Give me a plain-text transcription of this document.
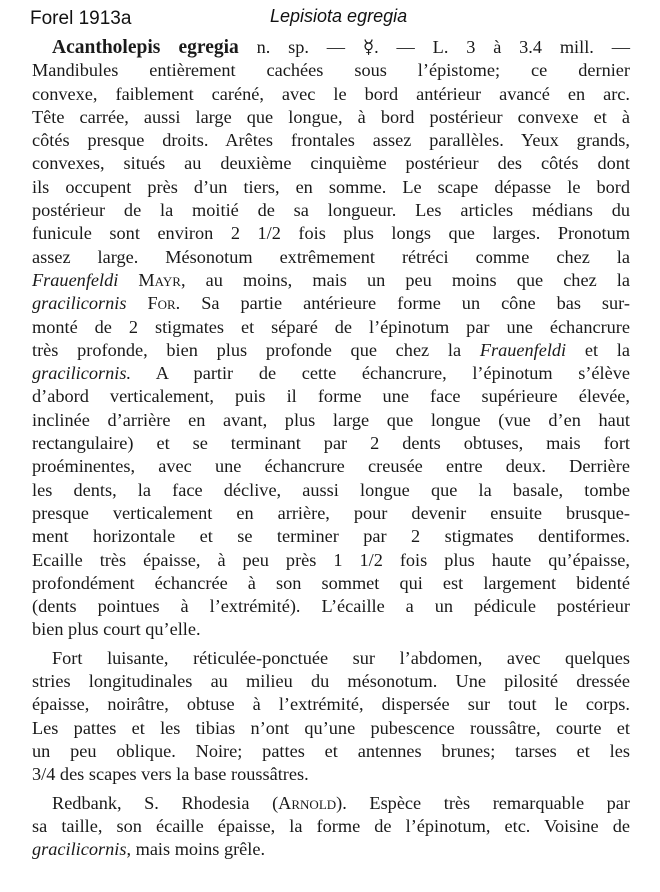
Forel 1913a	Lepisiota egregia
Acantholepis egregia n. sp. — ☿. — L. 3 à 3.4 mill. —
Mandibules entièrement cachées sous l’épistome; ce dernier
convexe, faiblement caréné, avec le bord antérieur avancé en arc.
Tête carrée, aussi large que longue, à bord postérieur convexe et à
côtés presque droits. Arêtes frontales assez parallèles. Yeux grands,
convexes, situés au deuxième cinquième postérieur des côtés dont
ils occupent près d’un tiers, en somme. Le scape dépasse le bord
postérieur de la moitié de sa longueur. Les articles médians du
funicule sont environ 2 1/2 fois plus longs que larges. Pronotum
assez large. Mésonotum extrêmement rétréci comme chez la
Frauenfeldi Mayr, au moins, mais un peu moins que chez la
gracilicornis For. Sa partie antérieure forme un cône bas sur-
monté de 2 stigmates et séparé de l’épinotum par une échancrure
très profonde, bien plus profonde que chez la Frauenfeldi et la
gracilicornis. A partir de cette échancrure, l’épinotum s’élève
d’abord verticalement, puis il forme une face supérieure élevée,
inclinée d’arrière en avant, plus large que longue (vue d’en haut
rectangulaire) et se terminant par 2 dents obtuses, mais fort
proéminentes, avec une échancrure creusée entre deux. Derrière
les dents, la face déclive, aussi longue que la basale, tombe
presque verticalement en arrière, pour devenir ensuite brusque-
ment horizontale et se terminer par 2 stigmates dentiformes.
Ecaille très épaisse, à peu près 1 1/2 fois plus haute qu’épaisse,
profondément échancrée à son sommet qui est largement bidenté
(dents pointues à l’extrémité). L’écaille a un pédicule postérieur
bien plus court qu’elle.
Fort luisante, réticulée-ponctuée sur l’abdomen, avec quelques
stries longitudinales au milieu du mésonotum. Une pilosité dressée
épaisse, noirâtre, obtuse à l’extrémité, dispersée sur tout le corps.
Les pattes et les tibias n’ont qu’une pubescence roussâtre, courte et
un peu oblique. Noire; pattes et antennes brunes; tarses et les
3/4 des scapes vers la base roussâtres.
Redbank, S. Rhodesia (Arnold). Espèce très remarquable par
sa taille, son écaille épaisse, la forme de l’épinotum, etc. Voisine de
gracilicornis, mais moins grêle.
